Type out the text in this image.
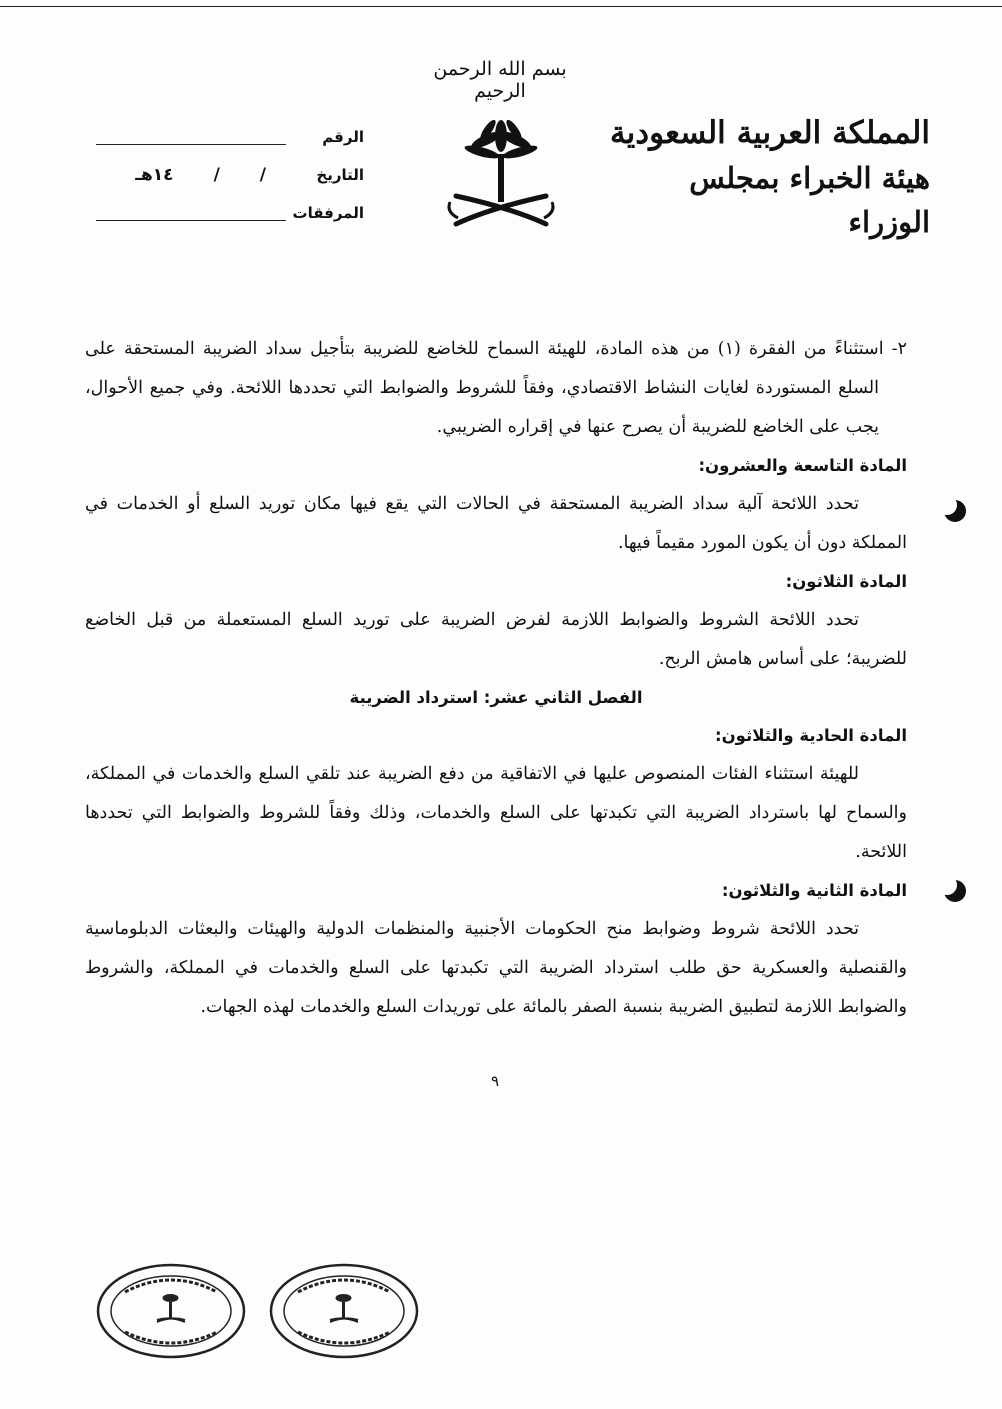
بسم الله الرحمن الرحيم
المملكة العربية السعودية
هيئة الخبراء بمجلس الوزراء
الرقم
التاريخ
/
/
١٤هـ
المرفقات

٢- استثناءً من الفقرة (١) من هذه المادة، للهيئة السماح للخاضع للضريبة بتأجيل سداد الضريبة المستحقة على السلع المستوردة لغايات النشاط الاقتصادي، وفقاً للشروط والضوابط التي تحددها اللائحة. وفي جميع الأحوال، يجب على الخاضع للضريبة أن يصرح عنها في إقراره الضريبي.

المادة التاسعة والعشرون:

تحدد اللائحة آلية سداد الضريبة المستحقة في الحالات التي يقع فيها مكان توريد السلع أو الخدمات في المملكة دون أن يكون المورد مقيماً فيها.

المادة الثلاثون:

تحدد اللائحة الشروط والضوابط اللازمة لفرض الضريبة على توريد السلع المستعملة من قبل الخاضع للضريبة؛ على أساس هامش الربح.

الفصل الثاني عشر: استرداد الضريبة

المادة الحادية والثلاثون:

للهيئة استثناء الفئات المنصوص عليها في الاتفاقية من دفع الضريبة عند تلقي السلع والخدمات في المملكة، والسماح لها باسترداد الضريبة التي تكبدتها على السلع والخدمات، وذلك وفقاً للشروط والضوابط التي تحددها اللائحة.

المادة الثانية والثلاثون:

تحدد اللائحة شروط وضوابط منح الحكومات الأجنبية والمنظمات الدولية والهيئات والبعثات الدبلوماسية والقنصلية والعسكرية حق طلب استرداد الضريبة التي تكبدتها على السلع والخدمات في المملكة، والشروط والضوابط اللازمة لتطبيق الضريبة بنسبة الصفر بالمائة على توريدات السلع والخدمات لهذه الجهات.

٩
